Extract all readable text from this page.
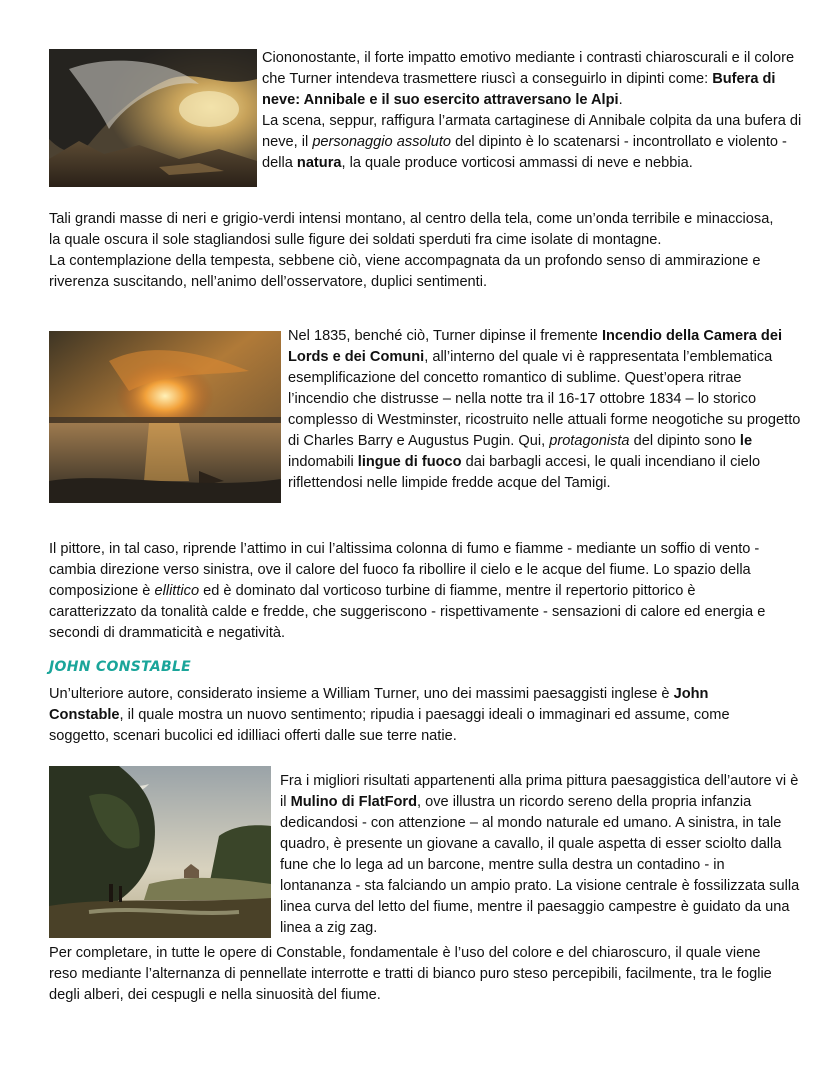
Ciononostante, il forte impatto emotivo mediante i contrasti chiaroscurali e il colore che Turner intendeva trasmettere riuscì a conseguirlo in dipinti come: Bufera di neve: Annibale e il suo esercito attraversano le Alpi.
La scena, seppur, raffigura l’armata cartaginese di Annibale colpita da una bufera di neve, il personaggio assoluto del dipinto è lo scatenarsi - incontrollato e violento - della natura, la quale produce vorticosi ammassi di neve e nebbia.

Tali grandi masse di neri e grigio-verdi intensi montano, al centro della tela, come un’onda terribile e minacciosa, la quale oscura il sole stagliandosi sulle figure dei soldati sperduti fra cime isolate di montagne.
La contemplazione della tempesta, sebbene ciò, viene accompagnata da un profondo senso di ammirazione e riverenza suscitando, nell’animo dell’osservatore, duplici sentimenti.

Nel 1835, benché ciò, Turner dipinse il fremente Incendio della Camera dei Lords e dei Comuni, all’interno del quale vi è rappresentata l’emblematica esemplificazione del concetto romantico di sublime. Quest’opera ritrae l’incendio che distrusse – nella notte tra il 16-17 ottobre 1834 – lo storico complesso di Westminster, ricostruito nelle attuali forme neogotiche su progetto di Charles Barry e Augustus Pugin. Qui, protagonista del dipinto sono le indomabili lingue di fuoco dai barbagli accesi, le quali incendiano il cielo riflettendosi nelle limpide fredde acque del Tamigi.

Il pittore, in tal caso, riprende l’attimo in cui l’altissima colonna di fumo e fiamme - mediante un soffio di vento - cambia direzione verso sinistra, ove il calore del fuoco fa ribollire il cielo e le acque del fiume. Lo spazio della composizione è ellittico ed è dominato dal vorticoso turbine di fiamme, mentre il repertorio pittorico è caratterizzato da tonalità calde e fredde, che suggeriscono - rispettivamente - sensazioni di calore ed energia e secondi di drammaticità e negatività.

JOHN CONSTABLE

Un’ulteriore autore, considerato insieme a William Turner, uno dei massimi paesaggisti inglese è John Constable, il quale mostra un nuovo sentimento; ripudia i paesaggi ideali o immaginari ed assume, come soggetto, scenari bucolici ed idilliaci offerti dalle sue terre natie.

Fra i migliori risultati appartenenti alla prima pittura paesaggistica dell’autore vi è il Mulino di FlatFord, ove illustra un ricordo sereno della propria infanzia dedicandosi - con attenzione – al mondo naturale ed umano. A sinistra, in tale quadro, è presente un giovane a cavallo, il quale aspetta di esser sciolto dalla fune che lo lega ad un barcone, mentre sulla destra un contadino - in lontananza - sta falciando un ampio prato. La visione centrale è fossilizzata sulla linea curva del letto del fiume, mentre il paesaggio campestre è guidato da una linea a zig zag.

Per completare, in tutte le opere di Constable, fondamentale è l’uso del colore e del chiaroscuro, il quale viene reso mediante l’alternanza di pennellate interrotte e tratti di bianco puro steso percepibili, facilmente, tra le foglie degli alberi, dei cespugli e nella sinuosità del fiume.
